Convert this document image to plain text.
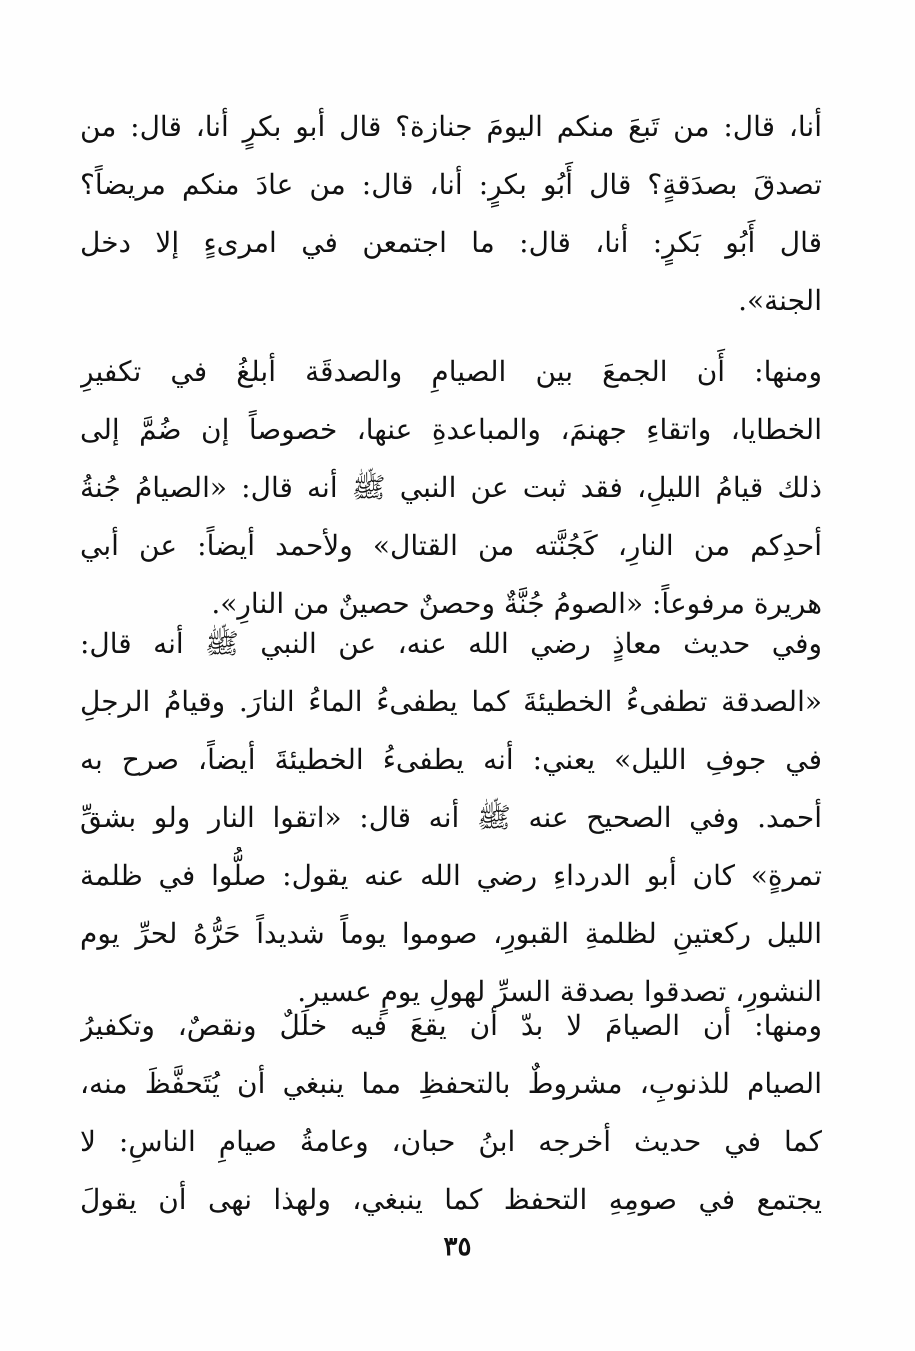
أنا، قال: من تَبعَ منكم اليومَ جنازة؟ قال أبو بكرٍ أنا، قال: من
تصدقَ بصدَقةٍ؟ قال أَبُو بكرٍ: أنا، قال: من عادَ منكم مريضاً؟
قال أَبُو بَكرٍ: أنا، قال: ما اجتمعن في امرىءٍ إلا دخل
الجنة».
ومنها: أَن الجمعَ بين الصيامِ والصدقَة أبلغُ في تكفيرِ
الخطايا، واتقاءِ جهنمَ، والمباعدةِ عنها، خصوصاً إن ضُمَّ إلى
ذلك قيامُ الليلِ، فقد ثبت عن النبي ﷺ أنه قال: «الصيامُ جُنةُ
أحدِكم من النارِ، كَجُنَّته من القتال» ولأحمد أيضاً: عن أبي
هريرة مرفوعاً: «الصومُ جُنَّةٌ وحصنٌ حصينٌ من النارِ».
وفي حديث معاذٍ رضي الله عنه، عن النبي ﷺ أنه قال:
«الصدقة تطفىءُ الخطيئةَ كما يطفىءُ الماءُ النارَ. وقيامُ الرجلِ
في جوفِ الليل» يعني: أنه يطفىءُ الخطيئةَ أيضاً، صرح به
أحمد. وفي الصحيح عنه ﷺ أنه قال: «اتقوا النار ولو بشقِّ
تمرةٍ» كان أبو الدرداءِ رضي الله عنه يقول: صلُّوا في ظلمة
الليل ركعتينِ لظلمةِ القبورِ، صوموا يوماً شديداً حَرُّهُ لحرِّ يوم
النشورِ، تصدقوا بصدقة السرِّ لهولِ يومٍ عسير.
ومنها: أن الصيامَ لا بدّ أن يقعَ فيه خلَلٌ ونقصٌ، وتكفيرُ
الصيام للذنوبِ، مشروطٌ بالتحفظِ مما ينبغي أن يُتَحفَّظَ منه،
كما في حديث أخرجه ابنُ حبان، وعامةُ صيامِ الناسِ: لا
يجتمع في صومِهِ التحفظ كما ينبغي، ولهذا نهى أن يقولَ
٣٥
